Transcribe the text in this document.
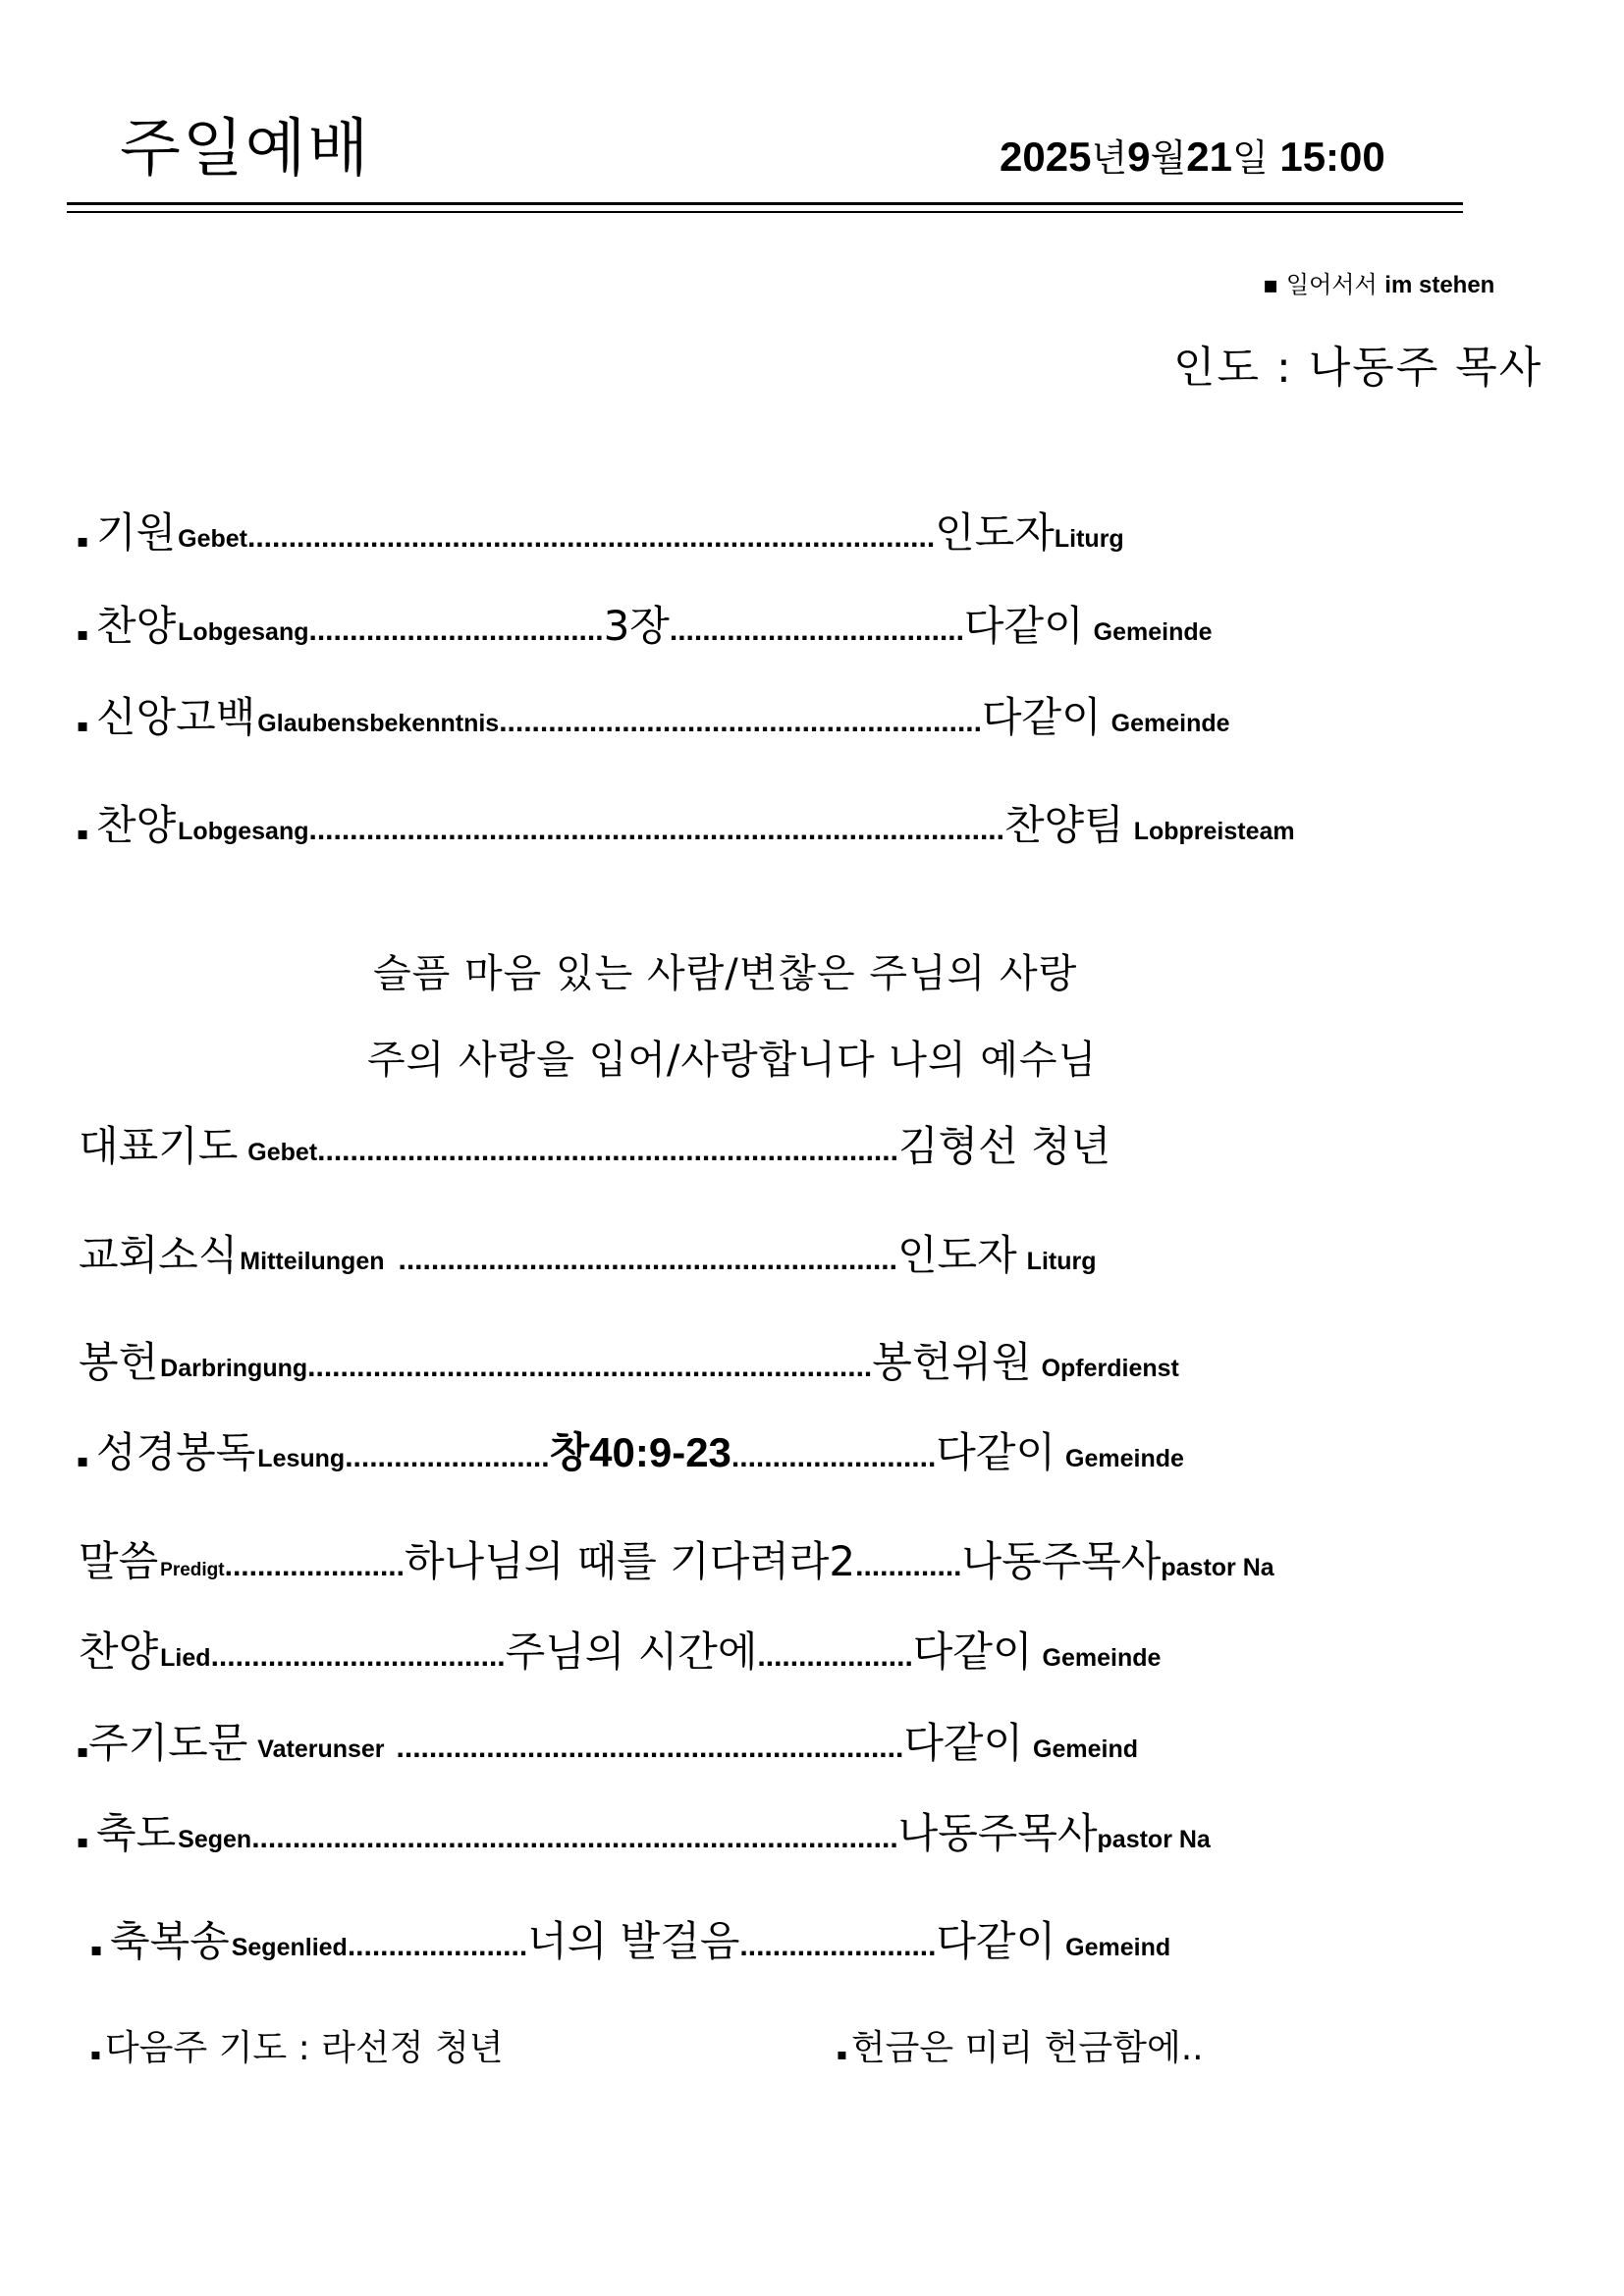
주일예배	2025년9월21일 15:00
▪ 일어서서 im stehen
인도 : 나동주 목사
▪ 기원 Gebet .................................................................................... 인도자 Liturg
▪ 찬양 Lobgesang .................................... 3장 .................................... 다같이 Gemeinde
▪ 신앙고백 Glaubensbekenntnis ........................................................... 다같이 Gemeinde
▪ 찬양 Lobgesang ..................................................................................... 찬양팀 Lobpreisteam
슬픔 마음 있는 사람/변찮은 주님의 사랑
주의 사랑을 입어/사랑합니다 나의 예수님
대표기도 Gebet ....................................................................... 김형선 청년
교회소식 Mitteilungen ............................................................. 인도자 Liturg
봉헌 Darbringung ..................................................................... 봉헌위원 Opferdienst
▪ 성경봉독 Lesung ......................... 창40:9-23 ......................... 다같이 Gemeinde
말씀 Predigt ...................... 하나님의 때를 기다려라2 ............. 나동주목사 pastor Na
찬양 Lied .................................... 주님의 시간에 ................... 다같이 Gemeinde
▪ 주기도문 Vaterunser .............................................................. 다같이 Gemeind
▪ 축도 Segen ............................................................................... 나동주목사 pastor Na
▪ 축복송 Segenlied ...................... 너의 발걸음 ........................ 다같이 Gemeind
▪ 다음주 기도 : 라선정 청년	▪ 헌금은 미리 헌금함에..
